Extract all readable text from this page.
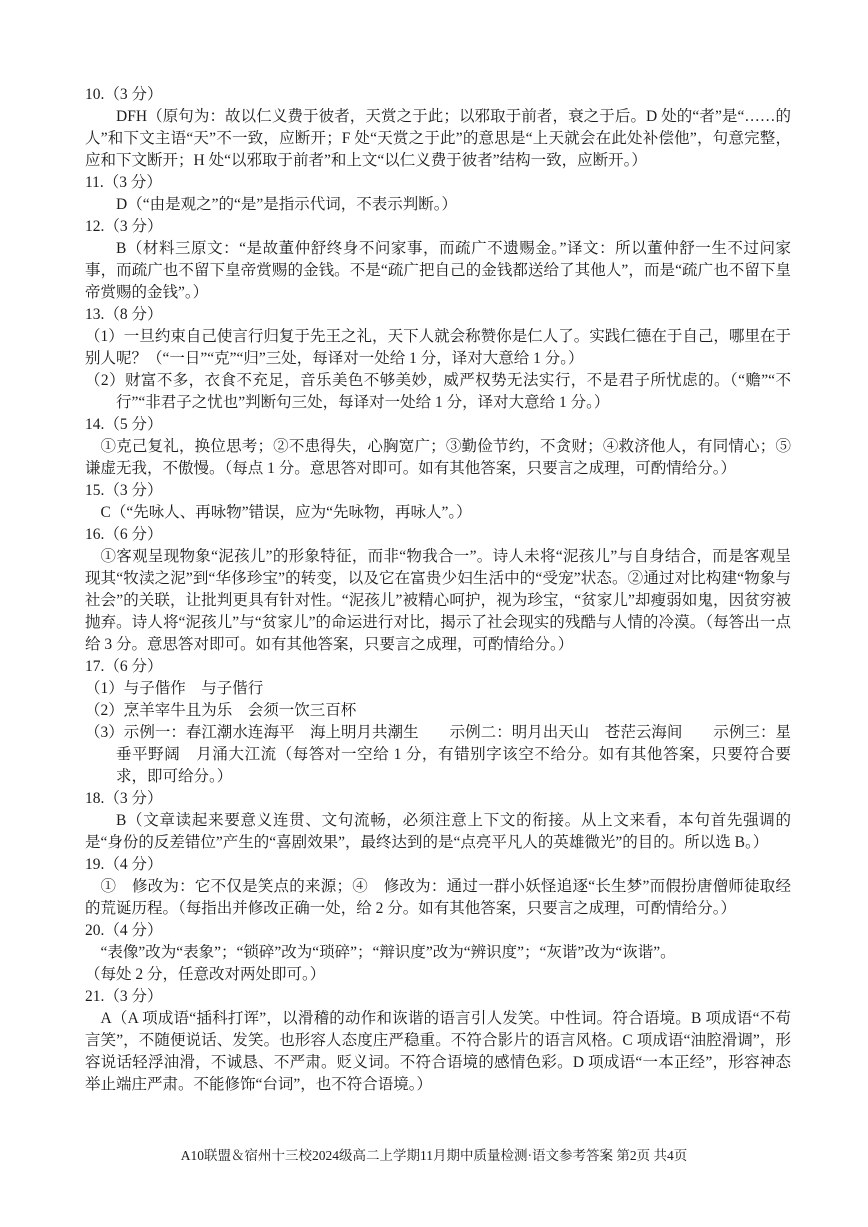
10.（3 分）
DFH（原句为：故以仁义费于彼者，天赏之于此；以邪取于前者，衰之于后。D 处的“者”是“……的人”和下文主语“天”不一致，应断开；F 处“天赏之于此”的意思是“上天就会在此处补偿他”，句意完整，应和下文断开；H 处“以邪取于前者”和上文“以仁义费于彼者”结构一致，应断开。）
11.（3 分）
D（“由是观之”的“是”是指示代词，不表示判断。）
12.（3 分）
B（材料三原文：“是故董仲舒终身不问家事，而疏广不遗赐金。”译文：所以董仲舒一生不过问家事，而疏广也不留下皇帝赏赐的金钱。不是“疏广把自己的金钱都送给了其他人”，而是“疏广也不留下皇帝赏赐的金钱”。）
13.（8 分）
（1）一旦约束自己使言行归复于先王之礼，天下人就会称赞你是仁人了。实践仁德在于自己，哪里在于别人呢？（“一日”“克”“归”三处，每译对一处给 1 分，译对大意给 1 分。）
（2）财富不多，衣食不充足，音乐美色不够美妙，威严权势无法实行，不是君子所忧虑的。（“赡”“不行”“非君子之忧也”判断句三处，每译对一处给 1 分，译对大意给 1 分。）
14.（5 分）
①克己复礼，换位思考；②不患得失，心胸宽广；③勤俭节约，不贪财；④救济他人，有同情心；⑤谦虚无我，不傲慢。（每点 1 分。意思答对即可。如有其他答案，只要言之成理，可酌情给分。）
15.（3 分）
C（“先咏人、再咏物”错误，应为“先咏物，再咏人”。）
16.（6 分）
①客观呈现物象“泥孩儿”的形象特征，而非“物我合一”。诗人未将“泥孩儿”与自身结合，而是客观呈现其“牧渎之泥”到“华侈珍宝”的转变，以及它在富贵少妇生活中的“受宠”状态。②通过对比构建“物象与社会”的关联，让批判更具有针对性。“泥孩儿”被精心呵护，视为珍宝，“贫家儿”却瘦弱如鬼，因贫穷被抛弃。诗人将“泥孩儿”与“贫家儿”的命运进行对比，揭示了社会现实的残酷与人情的冷漠。（每答出一点给 3 分。意思答对即可。如有其他答案，只要言之成理，可酌情给分。）
17.（6 分）
（1）与子偕作　与子偕行
（2）烹羊宰牛且为乐　会须一饮三百杯
（3）示例一：春江潮水连海平　海上明月共潮生　　示例二：明月出天山　苍茫云海间　　示例三：星垂平野阔　月涌大江流（每答对一空给 1 分，有错别字该空不给分。如有其他答案，只要符合要求，即可给分。）
18.（3 分）
B（文章读起来要意义连贯、文句流畅，必须注意上下文的衔接。从上文来看，本句首先强调的是“身份的反差错位”产生的“喜剧效果”，最终达到的是“点亮平凡人的英雄微光”的目的。所以选 B。）
19.（4 分）
①　修改为：它不仅是笑点的来源；④　修改为：通过一群小妖怪追逐“长生梦”而假扮唐僧师徒取经的荒诞历程。（每指出并修改正确一处，给 2 分。如有其他答案，只要言之成理，可酌情给分。）
20.（4 分）
“表像”改为“表象”；“锁碎”改为“琐碎”；“辩识度”改为“辨识度”；“灰谐”改为“诙谐”。
（每处 2 分，任意改对两处即可。）
21.（3 分）
A（A 项成语“插科打诨”，以滑稽的动作和诙谐的语言引人发笑。中性词。符合语境。B 项成语“不苟言笑”，不随便说话、发笑。也形容人态度庄严稳重。不符合影片的语言风格。C 项成语“油腔滑调”，形容说话轻浮油滑，不诚恳、不严肃。贬义词。不符合语境的感情色彩。D 项成语“一本正经”，形容神态举止端庄严肃。不能修饰“台词”，也不符合语境。）
A10联盟＆宿州十三校2024级高二上学期11月期中质量检测·语文参考答案 第2页 共4页
